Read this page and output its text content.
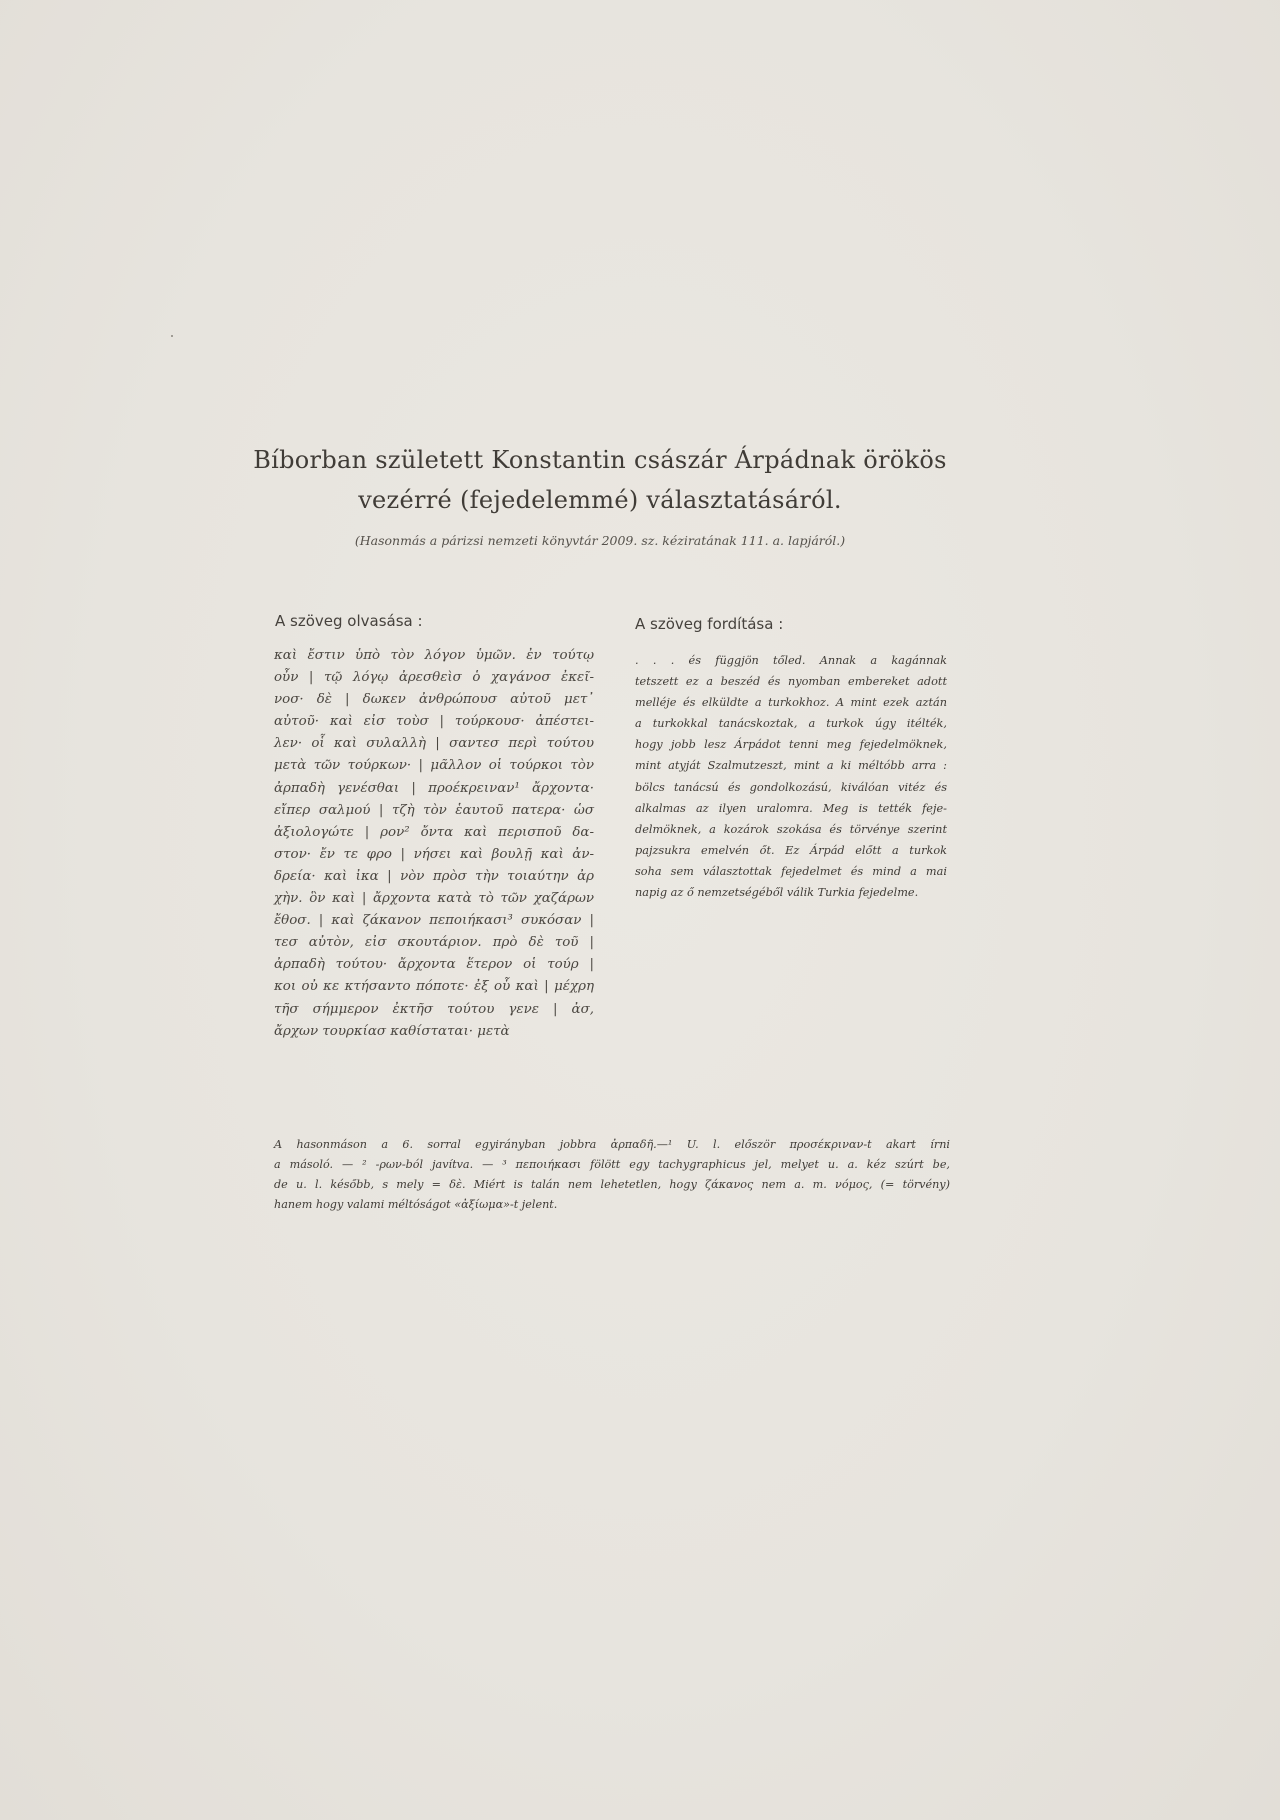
Bíborban született Konstantin császár Árpádnak örökös
vezérré (fejedelemmé) választatásáról.
(Hasonmás a párizsi nemzeti könyvtár 2009. sz. kéziratának 111. a. lapjáról.)
A szöveg olvasása :	A szöveg fordítása :
καὶ ἔστιν ὑπὸ τὸν λόγον ὑμῶν. ἐν τούτῳ
οὖν | τῷ λόγῳ ἀρεσθεὶσ ὁ χαγάνοσ ἐκεῖ-
νοσ· δὲ | δωκεν ἀνθρώπουσ αὐτοῦ μετ᾽
αὐτοῦ· καὶ εἰσ τοὺσ | τούρκουσ· ἀπέστει-
λεν· οἷ καὶ συλαλλὴ | σαντεσ περὶ τούτου
μετὰ τῶν τούρκων· | μᾶλλον οἱ τούρκοι τὸν
ἀρπαδὴ γενέσθαι | προέκρειναν¹ ἄρχοντα·
εἴπερ σαλμού | τζὴ τὸν ἑαυτοῦ πατερα· ὡσ
ἀξιολογώτε | ρον² ὄντα καὶ περισποῦ δα-
στον· ἔν τε φρο | νήσει καὶ βουλῇ καὶ ἀν-
δρεία· καὶ ἰκα | νὸν πρὸσ τὴν τοιαύτην ἀρ
χὴν. ὃν καὶ | ἄρχοντα κατὰ τὸ τῶν χαζάρων
ἔθοσ. | καὶ ζάκανον πεποιήκασι³ συκόσαν |
τεσ αὐτὸν, εἰσ σκουτάριον. πρὸ δὲ τοῦ |
ἀρπαδὴ τούτου· ἄρχοντα ἕτερον οἱ τούρ |
κοι οὐ κε κτήσαντο πόποτε· ἐξ οὗ καὶ | μέχρη
τῆσ σήμμερον ἐκτῆσ τούτου γενε | ἀσ,
ἄρχων τουρκίασ καθίσταται· μετὰ
. . . és függjön tőled. Annak a kagánnak
tetszett ez a beszéd és nyomban embereket adott
melléje és elküldte a turkokhoz. A mint ezek aztán
a turkokkal tanácskoztak, a turkok úgy itélték,
hogy jobb lesz Árpádot tenni meg fejedelmöknek,
mint atyját Szalmutzeszt, mint a ki méltóbb arra :
bölcs tanácsú és gondolkozású, kiválóan vitéz és
alkalmas az ilyen uralomra. Meg is tették feje-
delmöknek, a kozárok szokása és törvénye szerint
pajzsukra emelvén őt. Ez Árpád előtt a turkok
soha sem választottak fejedelmet és mind a mai
napig az ő nemzetségéből válik Turkia fejedelme.
A hasonmáson a 6. sorral egyirányban jobbra ἀρπαδῆ.—¹ U. l. először προσέκριναν-t akart írni
a másoló. — ² -ρων-ból javítva. — ³ πεποιήκασι fölött egy tachygraphicus jel, melyet u. a. kéz szúrt be,
de u. l. később, s mely = δὲ. Miért is talán nem lehetetlen, hogy ζάκανος nem a. m. νόμος, (= törvény)
hanem hogy valami méltóságot «ἀξίωμα»-t jelent.
